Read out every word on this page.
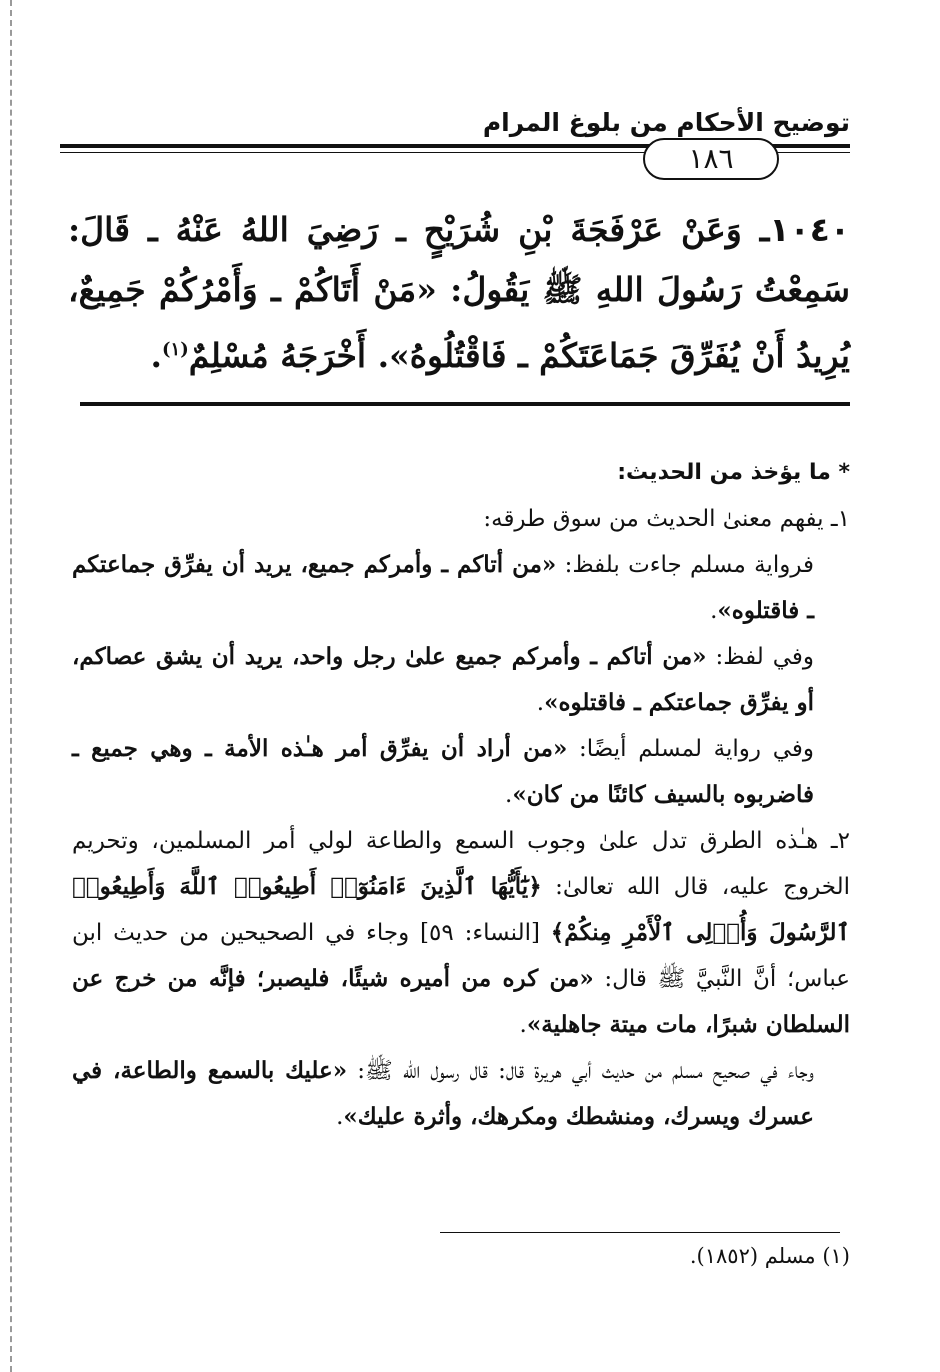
توضيح الأحكام من بلوغ المرام
١٨٦
١٠٤٠ـ وَعَنْ عَرْفَجَةَ بْنِ شُرَيْحٍ ـ رَضِيَ اللهُ عَنْهُ ـ قَالَ: سَمِعْتُ رَسُولَ اللهِ ﷺ يَقُولُ: «مَنْ أَتَاكُمْ ـ وَأَمْرُكُمْ جَمِيعٌ، يُرِيدُ أَنْ يُفَرِّقَ جَمَاعَتَكُمْ ـ فَاقْتُلُوهُ». أَخْرَجَهُ مُسْلِمٌ$^{(١)}$.

* ما يؤخذ من الحديث:

١ـ يفهم معنىٰ الحديث من سوق طرقه:

فرواية مسلم جاءت بلفظ: «من أتاكم ـ وأمركم جميع، يريد أن يفرِّق جماعتكم ـ فاقتلوه».

وفي لفظ: «من أتاكم ـ وأمركم جميع علىٰ رجل واحد، يريد أن يشق عصاكم، أو يفرِّق جماعتكم ـ فاقتلوه».

وفي رواية لمسلم أيضًا: «من أراد أن يفرِّق أمر هـٰذه الأمة ـ وهي جميع ـ فاضربوه بالسيف كائنًا من كان».

٢ـ هـٰذه الطرق تدل علىٰ وجوب السمع والطاعة لولي أمر المسلمين، وتحريم الخروج عليه، قال الله تعالىٰ: ﴿يَٰٓأَيُّهَا ٱلَّذِينَ ءَامَنُوٓا۟ أَطِيعُوا۟ ٱللَّهَ وَأَطِيعُوا۟ ٱلرَّسُولَ وَأُو۟لِى ٱلْأَمْرِ مِنكُمْ﴾ [النساء: ٥٩] وجاء في الصحيحين من حديث ابن عباس؛ أنَّ النَّبيَّ ﷺ قال: «من كره من أميره شيئًا، فليصبر؛ فإنَّه من خرج عن السلطان شبرًا، مات ميتة جاهلية».

وجاء في صحيح مسلم من حديث أبي هريرة قال: قال رسول الله ﷺ: «عليك بالسمع والطاعة، في عسرك ويسرك، ومنشطك ومكرهك، وأثرة عليك».

(١) مسلم (١٨٥٢).
